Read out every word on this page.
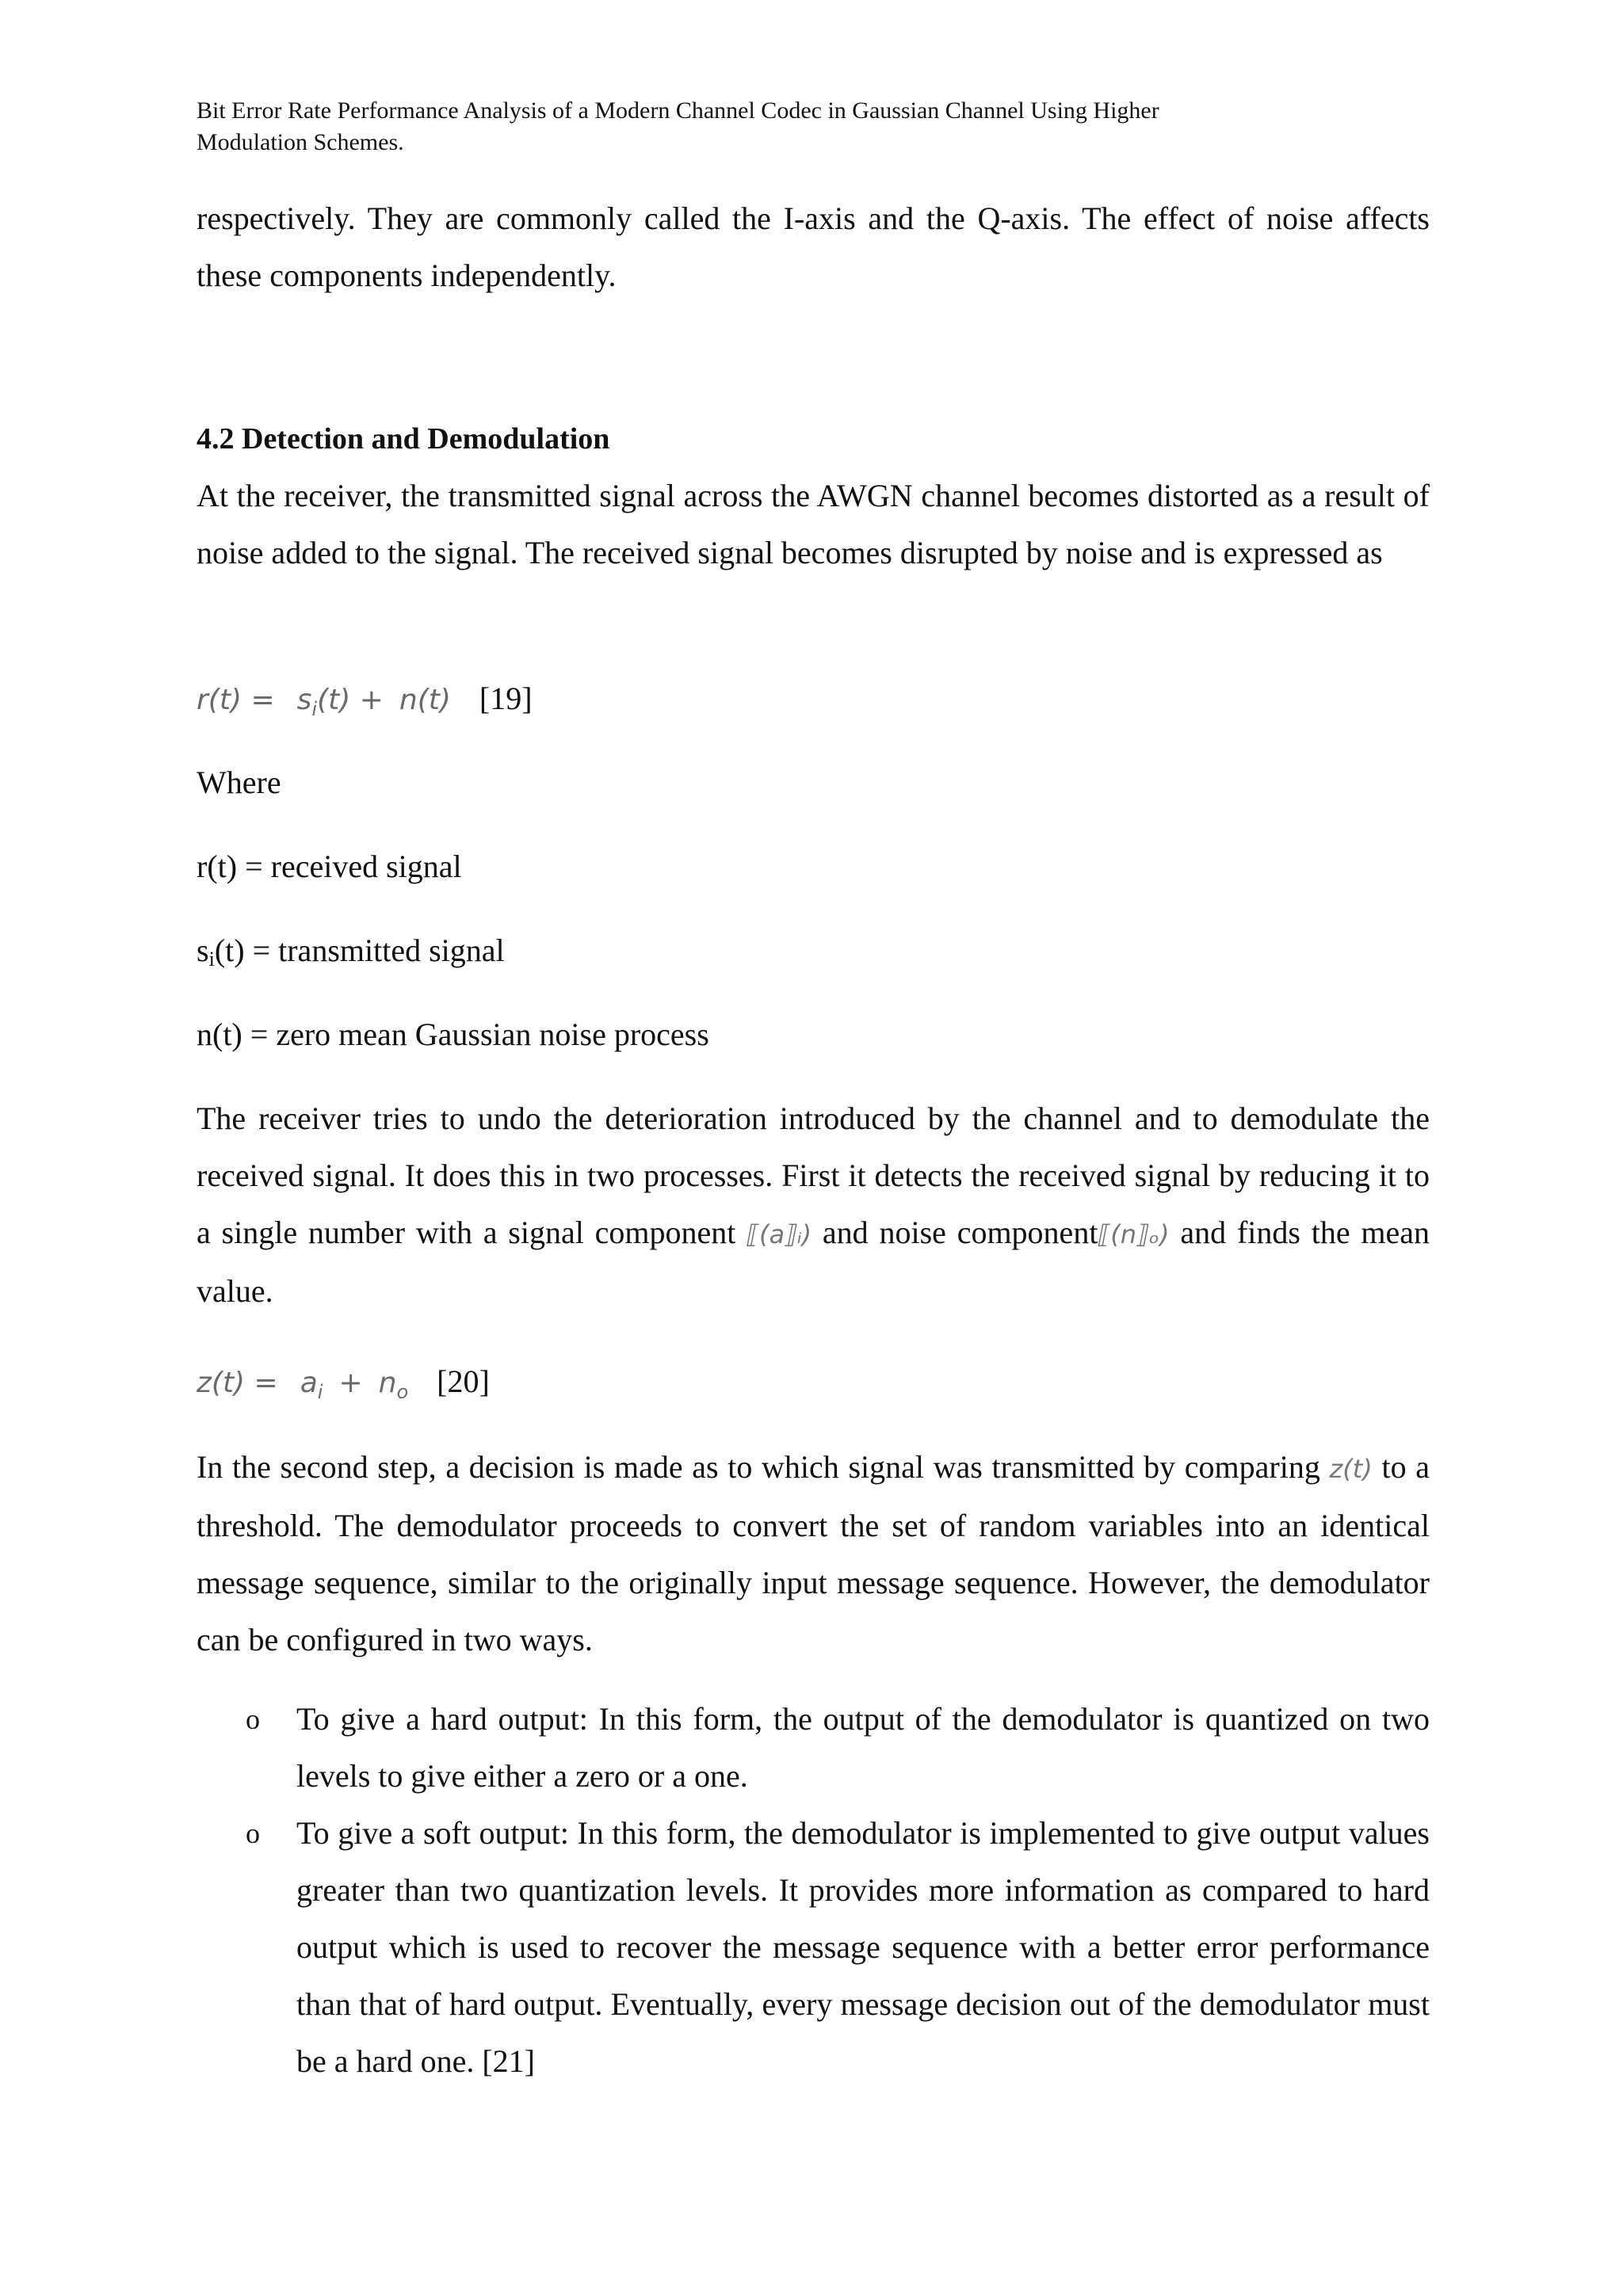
Bit Error Rate Performance Analysis of a Modern Channel Codec in Gaussian Channel Using Higher
Modulation Schemes.
respectively. They are commonly called the I-axis and the Q-axis. The effect of noise affects these components independently.
4.2 Detection and Demodulation
At the receiver, the transmitted signal across the AWGN channel becomes distorted as a result of noise added to the signal. The received signal becomes disrupted by noise and is expressed as
$r(t) = s_i(t) + n(t)$ [19]
Where
r(t) = received signal
si(t) = transmitted signal
n(t) = zero mean Gaussian noise process
The receiver tries to undo the deterioration introduced by the channel and to demodulate the received signal. It does this in two processes. First it detects the received signal by reducing it to a single number with a signal component ⟦(a⟧ᵢ) and noise component⟦(n⟧ₒ) and finds the mean value.
$z(t) = a_i + n_o$ [20]
In the second step, a decision is made as to which signal was transmitted by comparing z(t) to a threshold. The demodulator proceeds to convert the set of random variables into an identical message sequence, similar to the originally input message sequence. However, the demodulator can be configured in two ways.
o To give a hard output: In this form, the output of the demodulator is quantized on two levels to give either a zero or a one.
o To give a soft output: In this form, the demodulator is implemented to give output values greater than two quantization levels. It provides more information as compared to hard output which is used to recover the message sequence with a better error performance than that of hard output. Eventually, every message decision out of the demodulator must be a hard one. [21]
